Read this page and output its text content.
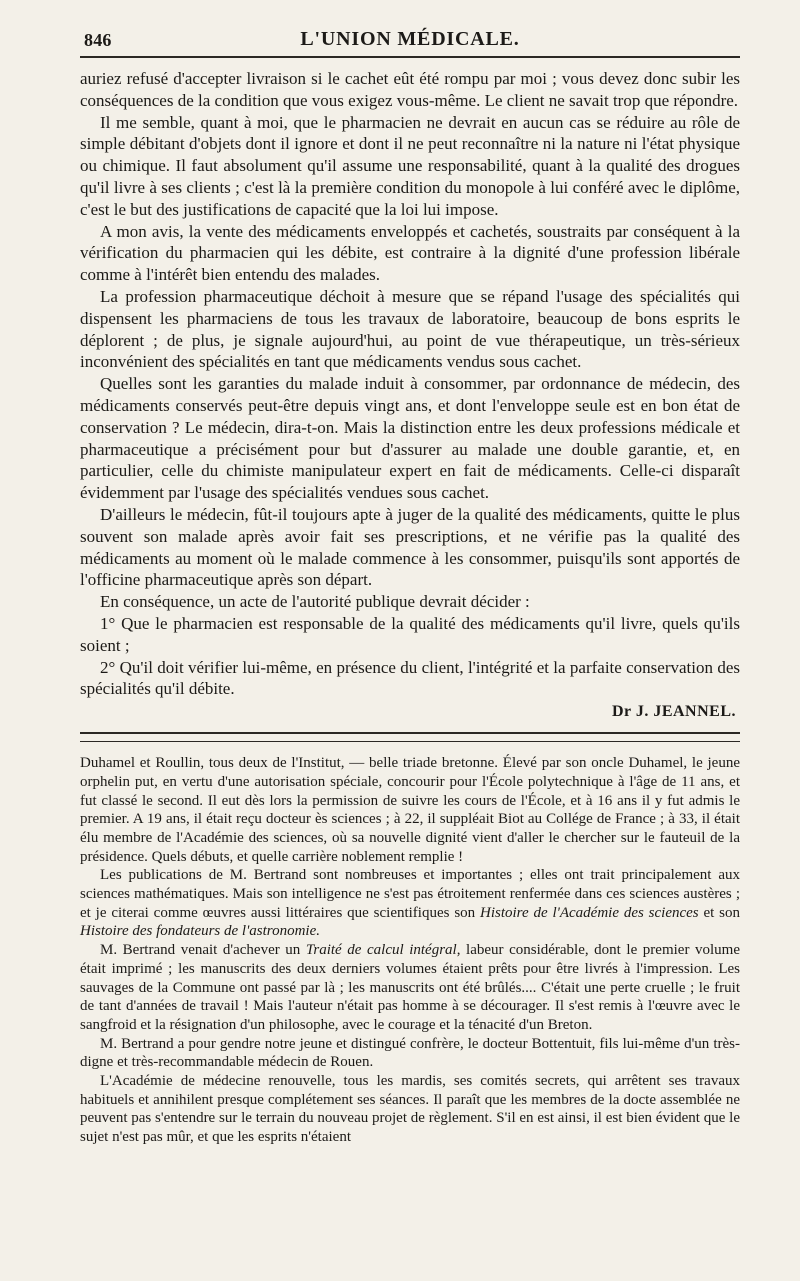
846	L'UNION MÉDICALE.

auriez refusé d'accepter livraison si le cachet eût été rompu par moi ; vous devez donc subir les conséquences de la condition que vous exigez vous-même. Le client ne savait trop que répondre.

Il me semble, quant à moi, que le pharmacien ne devrait en aucun cas se réduire au rôle de simple débitant d'objets dont il ignore et dont il ne peut reconnaître ni la nature ni l'état physique ou chimique. Il faut absolument qu'il assume une responsabilité, quant à la qualité des drogues qu'il livre à ses clients ; c'est là la première condition du monopole à lui conféré avec le diplôme, c'est le but des justifications de capacité que la loi lui impose.

A mon avis, la vente des médicaments enveloppés et cachetés, soustraits par conséquent à la vérification du pharmacien qui les débite, est contraire à la dignité d'une profession libérale comme à l'intérêt bien entendu des malades.

La profession pharmaceutique déchoit à mesure que se répand l'usage des spécialités qui dispensent les pharmaciens de tous les travaux de laboratoire, beaucoup de bons esprits le déplorent ; de plus, je signale aujourd'hui, au point de vue thérapeutique, un très-sérieux inconvénient des spécialités en tant que médicaments vendus sous cachet.

Quelles sont les garanties du malade induit à consommer, par ordonnance de médecin, des médicaments conservés peut-être depuis vingt ans, et dont l'enveloppe seule est en bon état de conservation ? Le médecin, dira-t-on. Mais la distinction entre les deux professions médicale et pharmaceutique a précisément pour but d'assurer au malade une double garantie, et, en particulier, celle du chimiste manipulateur expert en fait de médicaments. Celle-ci disparaît évidemment par l'usage des spécialités vendues sous cachet.

D'ailleurs le médecin, fût-il toujours apte à juger de la qualité des médicaments, quitte le plus souvent son malade après avoir fait ses prescriptions, et ne vérifie pas la qualité des médicaments au moment où le malade commence à les consommer, puisqu'ils sont apportés de l'officine pharmaceutique après son départ.

En conséquence, un acte de l'autorité publique devrait décider :

1° Que le pharmacien est responsable de la qualité des médicaments qu'il livre, quels qu'ils soient ;

2° Qu'il doit vérifier lui-même, en présence du client, l'intégrité et la parfaite conservation des spécialités qu'il débite.

Dr J. JEANNEL.

Duhamel et Roullin, tous deux de l'Institut, — belle triade bretonne. Élevé par son oncle Duhamel, le jeune orphelin put, en vertu d'une autorisation spéciale, concourir pour l'École polytechnique à l'âge de 11 ans, et fut classé le second. Il eut dès lors la permission de suivre les cours de l'École, et à 16 ans il y fut admis le premier. A 19 ans, il était reçu docteur ès sciences ; à 22, il suppléait Biot au Collége de France ; à 33, il était élu membre de l'Académie des sciences, où sa nouvelle dignité vient d'aller le chercher sur le fauteuil de la présidence. Quels débuts, et quelle carrière noblement remplie !

Les publications de M. Bertrand sont nombreuses et importantes ; elles ont trait principalement aux sciences mathématiques. Mais son intelligence ne s'est pas étroitement renfermée dans ces sciences austères ; et je citerai comme œuvres aussi littéraires que scientifiques son Histoire de l'Académie des sciences et son Histoire des fondateurs de l'astronomie.

M. Bertrand venait d'achever un Traité de calcul intégral, labeur considérable, dont le premier volume était imprimé ; les manuscrits des deux derniers volumes étaient prêts pour être livrés à l'impression. Les sauvages de la Commune ont passé par là ; les manuscrits ont été brûlés.... C'était une perte cruelle ; le fruit de tant d'années de travail ! Mais l'auteur n'était pas homme à se décourager. Il s'est remis à l'œuvre avec le sangfroid et la résignation d'un philosophe, avec le courage et la ténacité d'un Breton.

M. Bertrand a pour gendre notre jeune et distingué confrère, le docteur Bottentuit, fils lui-même d'un très-digne et très-recommandable médecin de Rouen.

L'Académie de médecine renouvelle, tous les mardis, ses comités secrets, qui arrêtent ses travaux habituels et annihilent presque complétement ses séances. Il paraît que les membres de la docte assemblée ne peuvent pas s'entendre sur le terrain du nouveau projet de règlement. S'il en est ainsi, il est bien évident que le sujet n'est pas mûr, et que les esprits n'étaient
